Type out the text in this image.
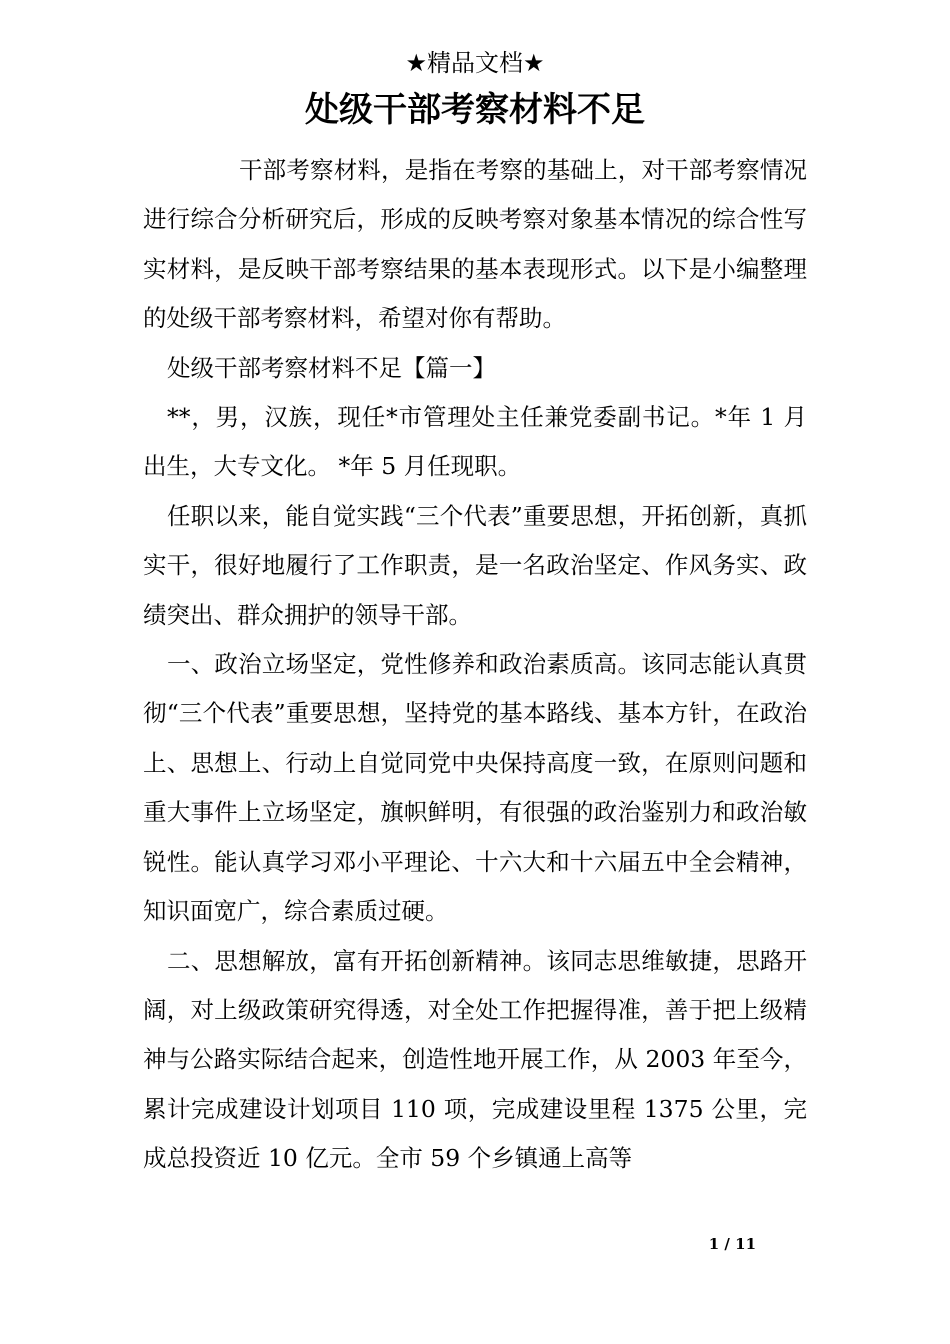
★精品文档★
处级干部考察材料不足

干部考察材料，是指在考察的基础上，对干部考察情况进行综合分析研究后，形成的反映考察对象基本情况的综合性写实材料，是反映干部考察结果的基本表现形式。以下是小编整理的处级干部考察材料，希望对你有帮助。

处级干部考察材料不足【篇一】

**，男，汉族，现任*市管理处主任兼党委副书记。*年 1 月出生，大专文化。 *年 5 月任现职。

任职以来，能自觉实践“三个代表”重要思想，开拓创新，真抓实干，很好地履行了工作职责，是一名政治坚定、作风务实、政绩突出、群众拥护的领导干部。

一、政治立场坚定，党性修养和政治素质高。该同志能认真贯彻“三个代表”重要思想，坚持党的基本路线、基本方针，在政治上、思想上、行动上自觉同党中央保持高度一致，在原则问题和重大事件上立场坚定，旗帜鲜明，有很强的政治鉴别力和政治敏锐性。能认真学习邓小平理论、十六大和十六届五中全会精神，知识面宽广，综合素质过硬。

二、思想解放，富有开拓创新精神。该同志思维敏捷，思路开阔，对上级政策研究得透，对全处工作把握得准，善于把上级精神与公路实际结合起来，创造性地开展工作，从 2003 年至今，累计完成建设计划项目 110 项，完成建设里程 1375 公里，完成总投资近 10 亿元。全市 59 个乡镇通上高等

1 / 11
